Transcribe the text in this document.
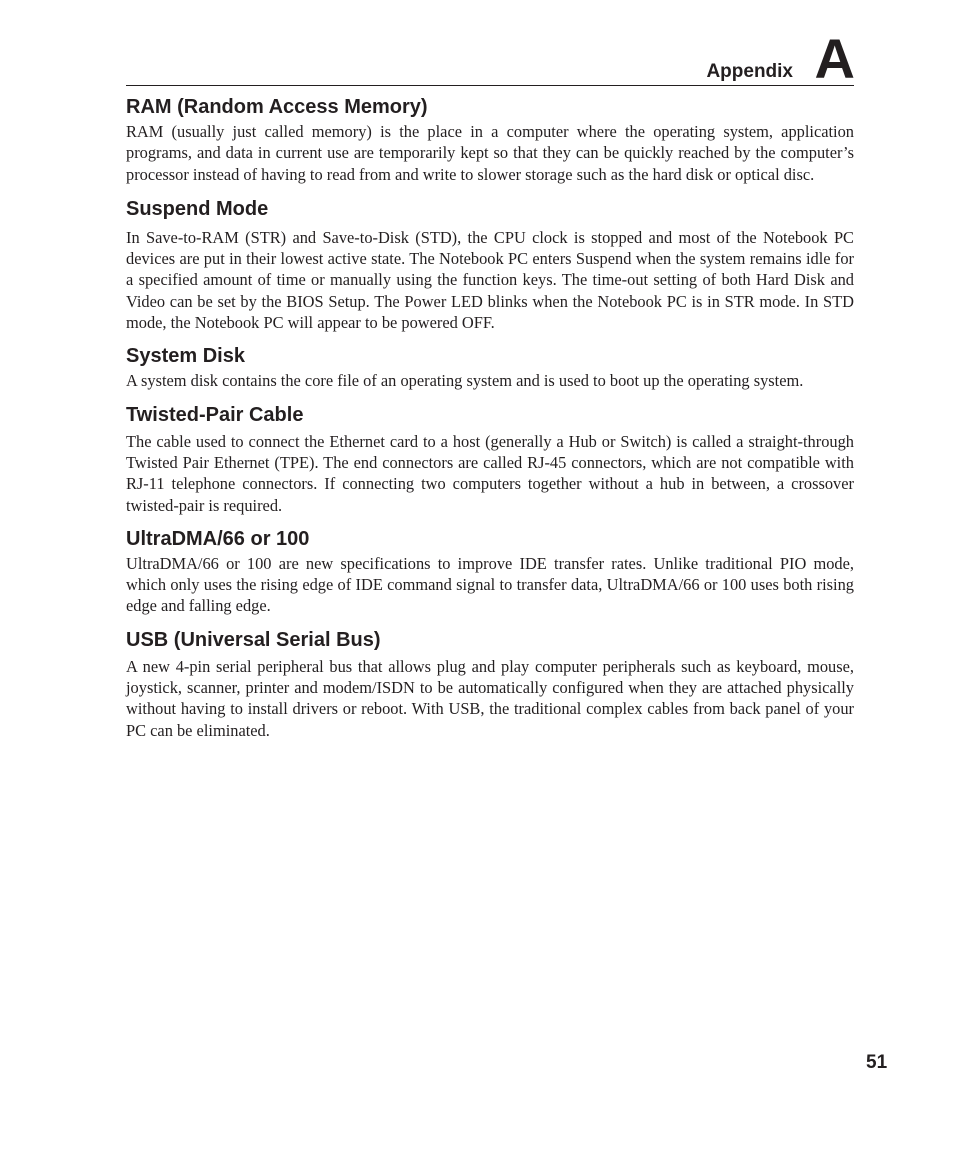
Appendix A
RAM (Random Access Memory)

RAM (usually just called memory) is the place in a computer where the operating system, application programs, and data in current use are temporarily kept so that they can be quickly reached by the computer’s processor instead of having to read from and write to slower storage such as the hard disk or optical disc.

Suspend Mode

In Save-to-RAM (STR) and Save-to-Disk (STD), the CPU clock is stopped and most of the Notebook PC devices are put in their lowest active state. The Notebook PC enters Suspend when the system remains idle for a specified amount of time or manually using the function keys. The time-out setting of both Hard Disk and Video can be set by the BIOS Setup. The Power LED blinks when the Notebook PC is in STR mode. In STD mode, the Notebook PC will appear to be powered OFF.

System Disk

A system disk contains the core file of an operating system and is used to boot up the operating system.

Twisted-Pair Cable

The cable used to connect the Ethernet card to a host (generally a Hub or Switch) is called a straight-through Twisted Pair Ethernet (TPE). The end connectors are called RJ-45 connectors, which are not compatible with RJ-11 telephone connectors. If connecting two computers together without a hub in between, a crossover twisted-pair is required.

UltraDMA/66 or 100

UltraDMA/66 or 100 are new specifications to improve IDE transfer rates. Unlike traditional PIO mode, which only uses the rising edge of IDE command signal to transfer data, UltraDMA/66 or 100 uses both rising edge and falling edge.

USB (Universal Serial Bus)

A new 4-pin serial peripheral bus that allows plug and play computer peripherals such as keyboard, mouse, joystick, scanner, printer and modem/ISDN to be automatically configured when they are attached physically without having to install drivers or reboot. With USB, the traditional complex cables from back panel of your PC can be eliminated.

51
